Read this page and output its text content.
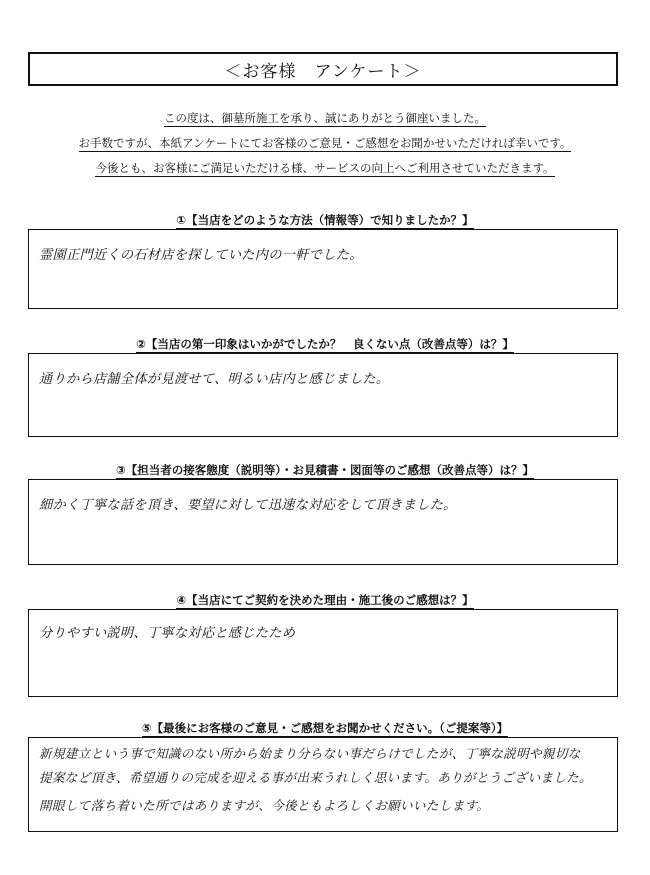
＜お客様　アンケート＞
この度は、御墓所施工を承り、誠にありがとう御座いました。
お手数ですが、本紙アンケートにてお客様のご意見・ご感想をお聞かせいただければ幸いです。
今後とも、お客様にご満足いただける様、サービスの向上へご利用させていただきます。
①【当店をどのような方法（情報等）で知りましたか？】
霊園正門近くの石材店を探していた内の一軒でした。
②【当店の第一印象はいかがでしたか？　良くない点（改善点等）は？】
通りから店舗全体が見渡せて、明るい店内と感じました。
③【担当者の接客態度（説明等）・お見積書・図面等のご感想（改善点等）は？】
細かく丁寧な話を頂き、要望に対して迅速な対応をして頂きました。
④【当店にてご契約を決めた理由・施工後のご感想は？】
分りやすい説明、丁寧な対応と感じたため
⑤【最後にお客様のご意見・ご感想をお聞かせください。（ご提案等）】
新規建立という事で知識のない所から始まり分らない事だらけでしたが、丁寧な説明や親切な
提案など頂き、希望通りの完成を迎える事が出来うれしく思います。ありがとうございました。
開眼して落ち着いた所ではありますが、今後ともよろしくお願いいたします。
